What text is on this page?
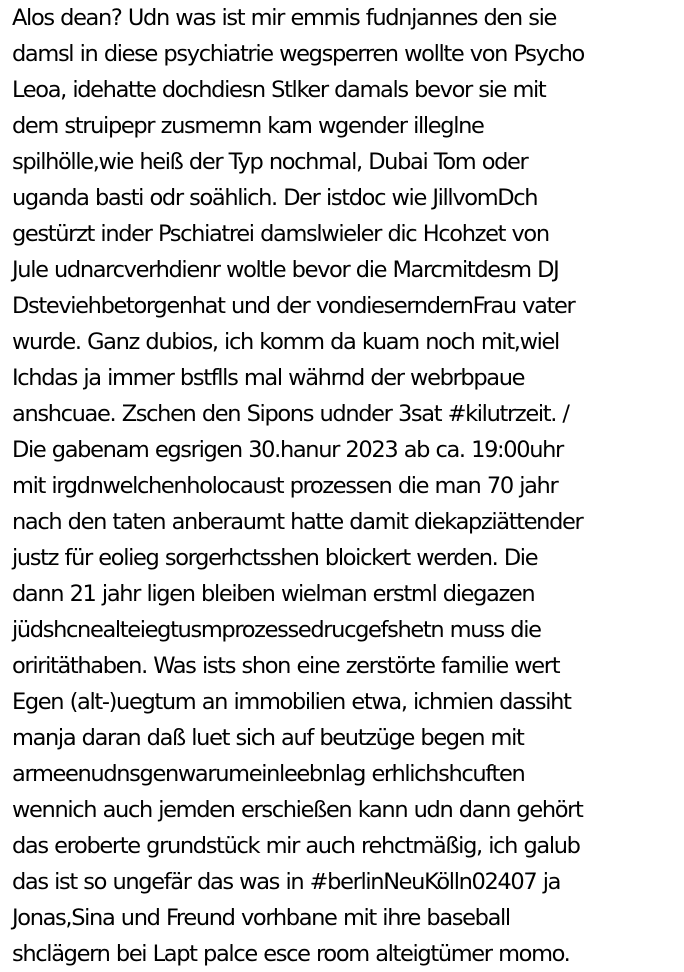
Alos dean? Udn was ist mir emmis fudnjannes den sie
damsl in diese psychiatrie wegsperren wollte von Psycho
Leoa, idehatte dochdiesn Stlker damals bevor sie mit
dem struipepr zusmemn kam wgender illeglne
spilhölle,wie heiß der Typ nochmal, Dubai Tom oder
uganda basti odr soählich. Der istdoc wie JillvomDch
gestürzt inder Pschiatrei damslwieler dic Hcohzet von
Jule udnarcverhdienr woltle bevor die Marcmitdesm DJ
Dsteviehbetorgenhat und der vondieserndernFrau vater
wurde. Ganz dubios, ich komm da kuam noch mit,wiel
Ichdas ja immer bstflls mal währnd der webrbpaue
anshcuae. Zschen den Sipons udnder 3sat #kilutrzeit. /
Die gabenam egsrigen 30.hanur 2023 ab ca. 19:00uhr
mit irgdnwelchenholocaust prozessen die man 70 jahr
nach den taten anberaumt hatte damit diekapziättender
justz für eolieg sorgerhctsshen bloickert werden. Die
dann 21 jahr ligen bleiben wielman erstml diegazen
jüdshcnealteiegtusmprozessedrucgefshetn muss die
oriritäthaben. Was ists shon eine zerstörte familie wert
Egen (alt-)uegtum an immobilien etwa, ichmien dassiht
manja daran daß luet sich auf beutzüge begen mit
armeenudnsgenwarumeinleebnlag erhlichshcuften
wennich auch jemden erschießen kann udn dann gehört
das eroberte grundstück mir auch rehctmäßig, ich galub
das ist so ungefär das was in #berlinNeuKölln02407 ja
Jonas,Sina und Freund vorhbane mit ihre baseball
shclägern bei Lapt palce esce room alteigtümer momo.
